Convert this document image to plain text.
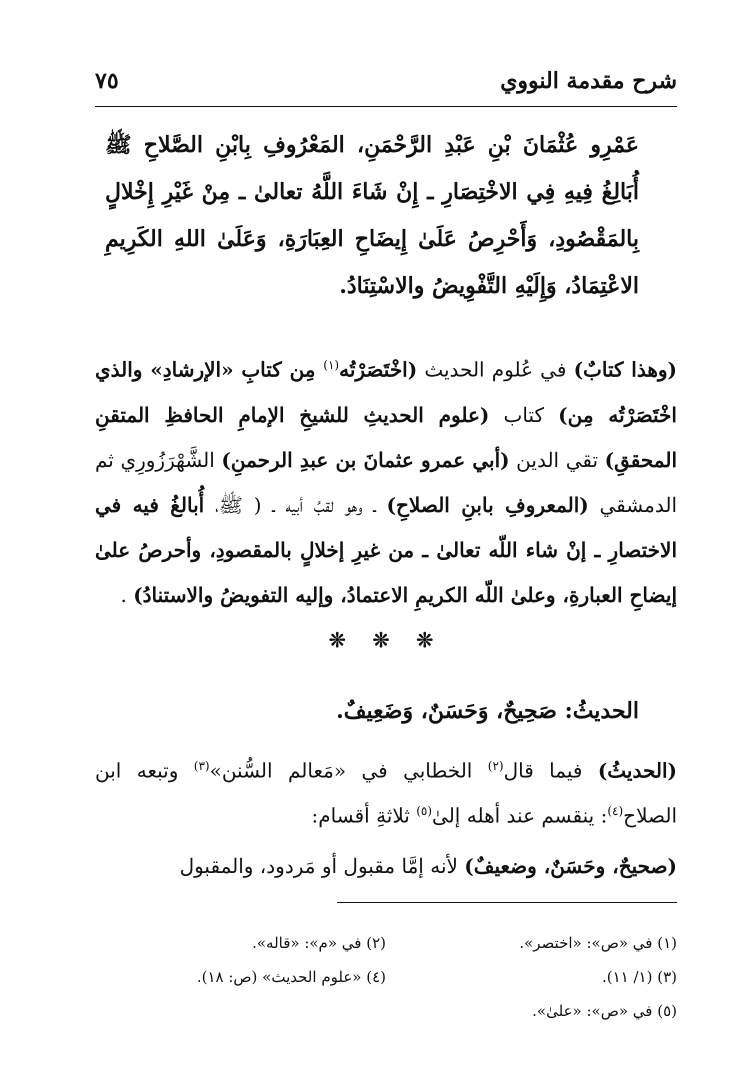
شرح مقدمة النووي
٧٥
عَمْرِو عُثْمَانَ بْنِ عَبْدِ الرَّحْمَنِ، المَعْرُوفِ بِابْنِ الصَّلاحِ ﷺ أُبَالِغُ فِيهِ فِي الاخْتِصَارِ ـ إِنْ شَاءَ اللَّهُ تعالىٰ ـ مِنْ غَيْرِ إِخْلالٍ بِالمَقْصُودِ، وَأَحْرِصُ عَلَىٰ إِيضَاحِ العِبَارَةِ، وَعَلَىٰ اللهِ الكَرِيمِ الاعْتِمَادُ، وَإِلَيْهِ التَّفْوِيضُ والاسْتِنَادُ.
(وهذا كتابٌ) في عُلوم الحديث (اخْتَصَرْتُه$^{(١)}$ مِن كتابِ «الإرشادِ» والذي اخْتَصَرْتُه مِن) كتاب (علوم الحديثِ للشيخِ الإمامِ الحافظِ المتقنِ المحققِ) تقي الدين (أبي عمرو عثمانَ بن عبدِ الرحمنِ) الشَّهْرَزُورِي ثم الدمشقي (المعروفِ بابنِ الصلاحِ) ـ وهو لقبُ أبيه ـ ( ﷺ، أُبالغُ فيه في الاختصارِ ـ إنْ شاء اللّه تعالىٰ ـ من غيرِ إخلالٍ بالمقصودِ، وأحرصُ علىٰ إيضاحِ العبارةِ، وعلىٰ اللّه الكريمِ الاعتمادُ، وإليه التفويضُ والاستنادُ) .
❊ ❊ ❊
الحديثُ: صَحِيحٌ، وَحَسَنٌ، وَضَعِيفٌ.
(الحديثُ) فيما قال$^{(٢)}$ الخطابي في «مَعالم السُّنن»$^{(٣)}$ وتبعه ابن الصلاح$^{(٤)}$: ينقسم عند أهله إلىٰ$^{(٥)}$ ثلاثةِ أقسام:
(صحيحٌ، وحَسَنٌ، وضعيفٌ) لأنه إمَّا مقبول أو مَردود، والمقبول
(١) في «ص»: «اختصر».
(٢) في «م»: «قاله».
(٣) (١/ ١١).
(٤) «علوم الحديث» (ص: ١٨).
(٥) في «ص»: «علىٰ».
